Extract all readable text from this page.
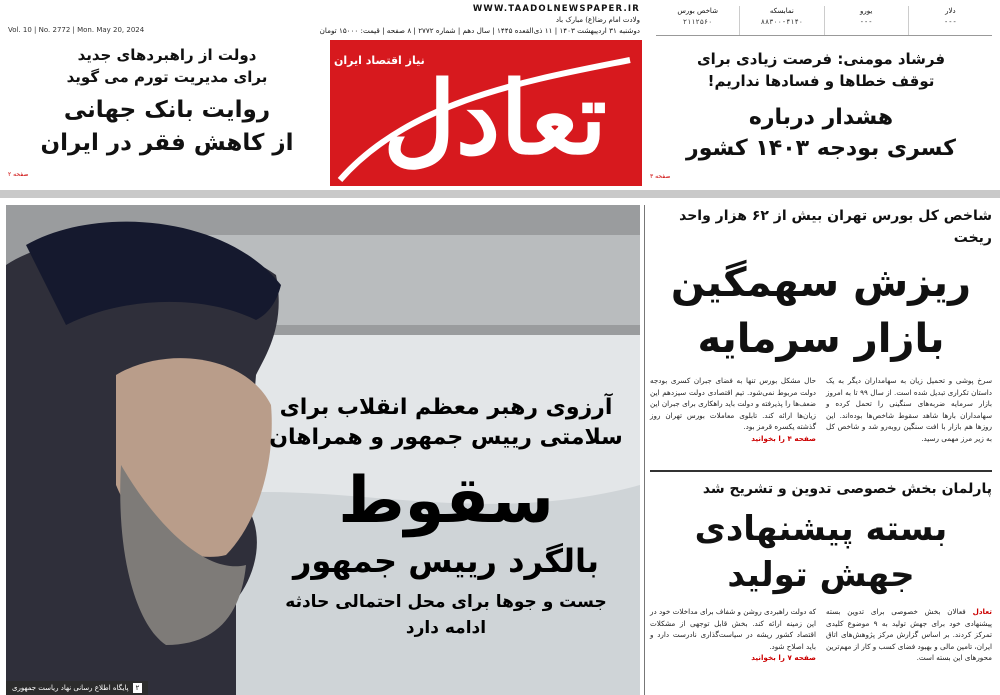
Vol. 10 | No. 2772 | Mon. May 20, 2024
WWW.TAADOLNEWSPAPER.IR
ولادت امام رضا(ع) مبارک باد
دوشنبه ۳۱ اردیبهشت ۱۴۰۳ | ۱۱ ذی‌القعده ۱۴۴۵ | سال دهم | شماره ۲۷۷۲ | ۸ صفحه | قیمت: ۱۵۰۰۰ تومان
دلار
---
یورو
---
نمابسکه
۸۸۳۰۰-۴۱۴۰
شاخص بورس
۲۱۱۲۵۶۰
دولت از راهبردهای جدید
برای مدیریت تورم می گوید
روایت بانک جهانی
از کاهش فقر در ایران
صفحه ۲	تعادل
نیاز اقتصاد ایران	فرشاد مومنی: فرصت زیادی برای
توقف خطاها و فسادها نداریم!
هشدار درباره
کسری بودجه ۱۴۰۳ کشور
صفحه ۳
آرزوی رهبر معظم انقلاب برای
سلامتی رییس جمهور و همراهان
سقوط
بالگرد رییس جمهور
جست و جوها برای محل احتمالی حادثه ادامه دارد
۲
پایگاه اطلاع رسانی نهاد ریاست جمهوری
شاخص کل بورس تهران بیش از ۶۲ هزار واحد ریخت
ریزش سهمگین
بازار سرمایه
سرخ پوشی و تحمیل زیان به سهامداران دیگر به یک داستان تکراری تبدیل شده است. از سال ۹۹ تا به امروز بازار سرمایه ضربه‌های سنگینی را تحمل کرده و سهامداران بارها شاهد سقوط شاخص‌ها بوده‌اند. این روزها هم بازار با افت سنگین روبه‌رو شد و شاخص کل به زیر مرز مهمی رسید.
حال مشکل بورس تنها به فضای جبران کسری بودجه دولت مربوط نمی‌شود. تیم اقتصادی دولت سیزدهم این ضعف‌ها را پذیرفته و دولت باید راهکاری برای جبران این زیان‌ها ارائه کند. تابلوی معاملات بورس تهران روز گذشته یکسره قرمز بود.
صفحه ۴ را بخوانید
پارلمان بخش خصوصی تدوین و تشریح شد
بسته پیشنهادی
جهش تولید
تعادل فعالان بخش خصوصی برای تدوین بسته پیشنهادی خود برای جهش تولید به ۹ موضوع کلیدی تمرکز کردند. بر اساس گزارش مرکز پژوهش‌های اتاق ایران، تامین مالی و بهبود فضای کسب و کار از مهم‌ترین محورهای این بسته است.
که دولت راهبردی روشن و شفاف برای مداخلات خود در این زمینه ارائه کند. بخش قابل توجهی از مشکلات اقتصاد کشور ریشه در سیاست‌گذاری نادرست دارد و باید اصلاح شود.
صفحه ۷ را بخوانید
